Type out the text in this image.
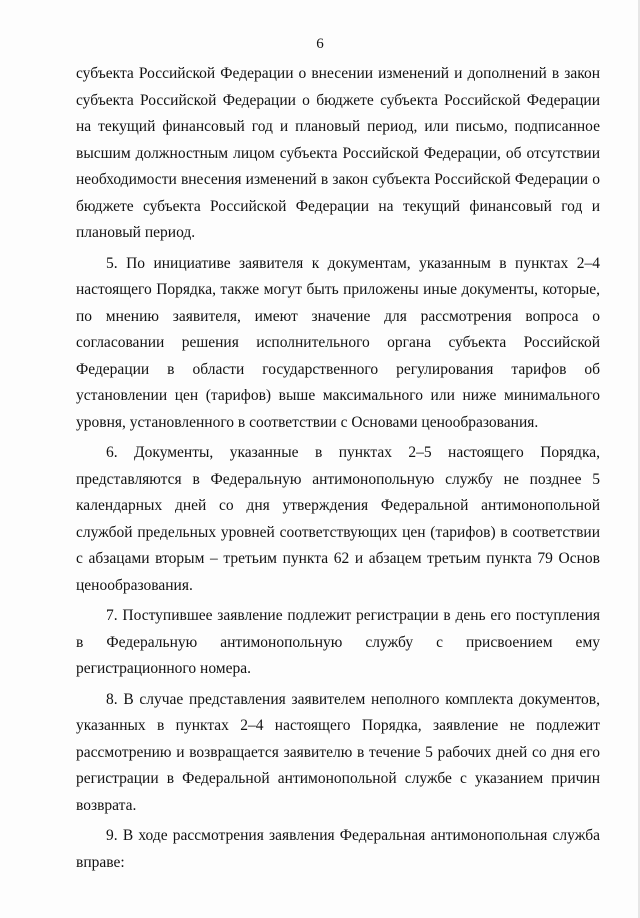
6

субъекта Российской Федерации о внесении изменений и дополнений в закон субъекта Российской Федерации о бюджете субъекта Российской Федерации на текущий финансовый год и плановый период, или письмо, подписанное высшим должностным лицом субъекта Российской Федерации, об отсутствии необходимости внесения изменений в закон субъекта Российской Федерации о бюджете субъекта Российской Федерации на текущий финансовый год и плановый период.

5. По инициативе заявителя к документам, указанным в пунктах 2–4 настоящего Порядка, также могут быть приложены иные документы, которые, по мнению заявителя, имеют значение для рассмотрения вопроса о согласовании решения исполнительного органа субъекта Российской Федерации в области государственного регулирования тарифов об установлении цен (тарифов) выше максимального или ниже минимального уровня, установленного в соответствии с Основами ценообразования.

6. Документы, указанные в пунктах 2–5 настоящего Порядка, представляются в Федеральную антимонопольную службу не позднее 5 календарных дней со дня утверждения Федеральной антимонопольной службой предельных уровней соответствующих цен (тарифов) в соответствии с абзацами вторым – третьим пункта 62 и абзацем третьим пункта 79 Основ ценообразования.

7. Поступившее заявление подлежит регистрации в день его поступления в Федеральную антимонопольную службу с присвоением ему регистрационного номера.

8. В случае представления заявителем неполного комплекта документов, указанных в пунктах 2–4 настоящего Порядка, заявление не подлежит рассмотрению и возвращается заявителю в течение 5 рабочих дней со дня его регистрации в Федеральной антимонопольной службе с указанием причин возврата.

9. В ходе рассмотрения заявления Федеральная антимонопольная служба вправе:
